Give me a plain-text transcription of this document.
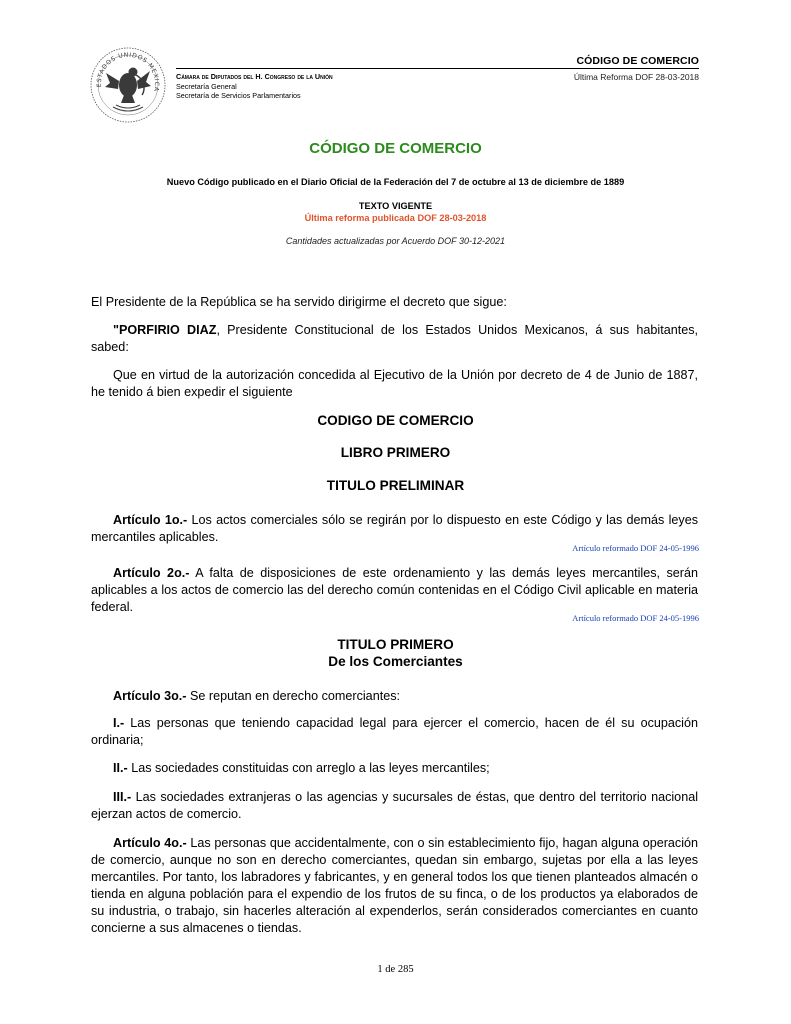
ESTADOS UNIDOS MEXICA
Cámara de Diputados del H. Congreso de la Unión
Secretaría General
Secretaría de Servicios Parlamentarios
CÓDIGO DE COMERCIO
Última Reforma DOF 28-03-2018
CÓDIGO DE COMERCIO
Nuevo Código publicado en el Diario Oficial de la Federación del 7 de octubre al 13 de diciembre de 1889
TEXTO VIGENTE
Última reforma publicada DOF 28-03-2018
Cantidades actualizadas por Acuerdo DOF 30-12-2021
El Presidente de la República se ha servido dirigirme el decreto que sigue:
"PORFIRIO DIAZ, Presidente Constitucional de los Estados Unidos Mexicanos, á sus habitantes, sabed:
Que en virtud de la autorización concedida al Ejecutivo de la Unión por decreto de 4 de Junio de 1887, he tenido á bien expedir el siguiente
CODIGO DE COMERCIO
LIBRO PRIMERO
TITULO PRELIMINAR
Artículo 1o.- Los actos comerciales sólo se regirán por lo dispuesto en este Código y las demás leyes mercantiles aplicables.
Artículo reformado DOF 24-05-1996
Artículo 2o.- A falta de disposiciones de este ordenamiento y las demás leyes mercantiles, serán aplicables a los actos de comercio las del derecho común contenidas en el Código Civil aplicable en materia federal.
Artículo reformado DOF 24-05-1996
TITULO PRIMERO
De los Comerciantes
Artículo 3o.- Se reputan en derecho comerciantes:
I.- Las personas que teniendo capacidad legal para ejercer el comercio, hacen de él su ocupación ordinaria;
II.- Las sociedades constituidas con arreglo a las leyes mercantiles;
III.- Las sociedades extranjeras o las agencias y sucursales de éstas, que dentro del territorio nacional ejerzan actos de comercio.
Artículo 4o.- Las personas que accidentalmente, con o sin establecimiento fijo, hagan alguna operación de comercio, aunque no son en derecho comerciantes, quedan sin embargo, sujetas por ella a las leyes mercantiles. Por tanto, los labradores y fabricantes, y en general todos los que tienen planteados almacén o tienda en alguna población para el expendio de los frutos de su finca, o de los productos ya elaborados de su industria, o trabajo, sin hacerles alteración al expenderlos, serán considerados comerciantes en cuanto concierne a sus almacenes o tiendas.
1 de 285
